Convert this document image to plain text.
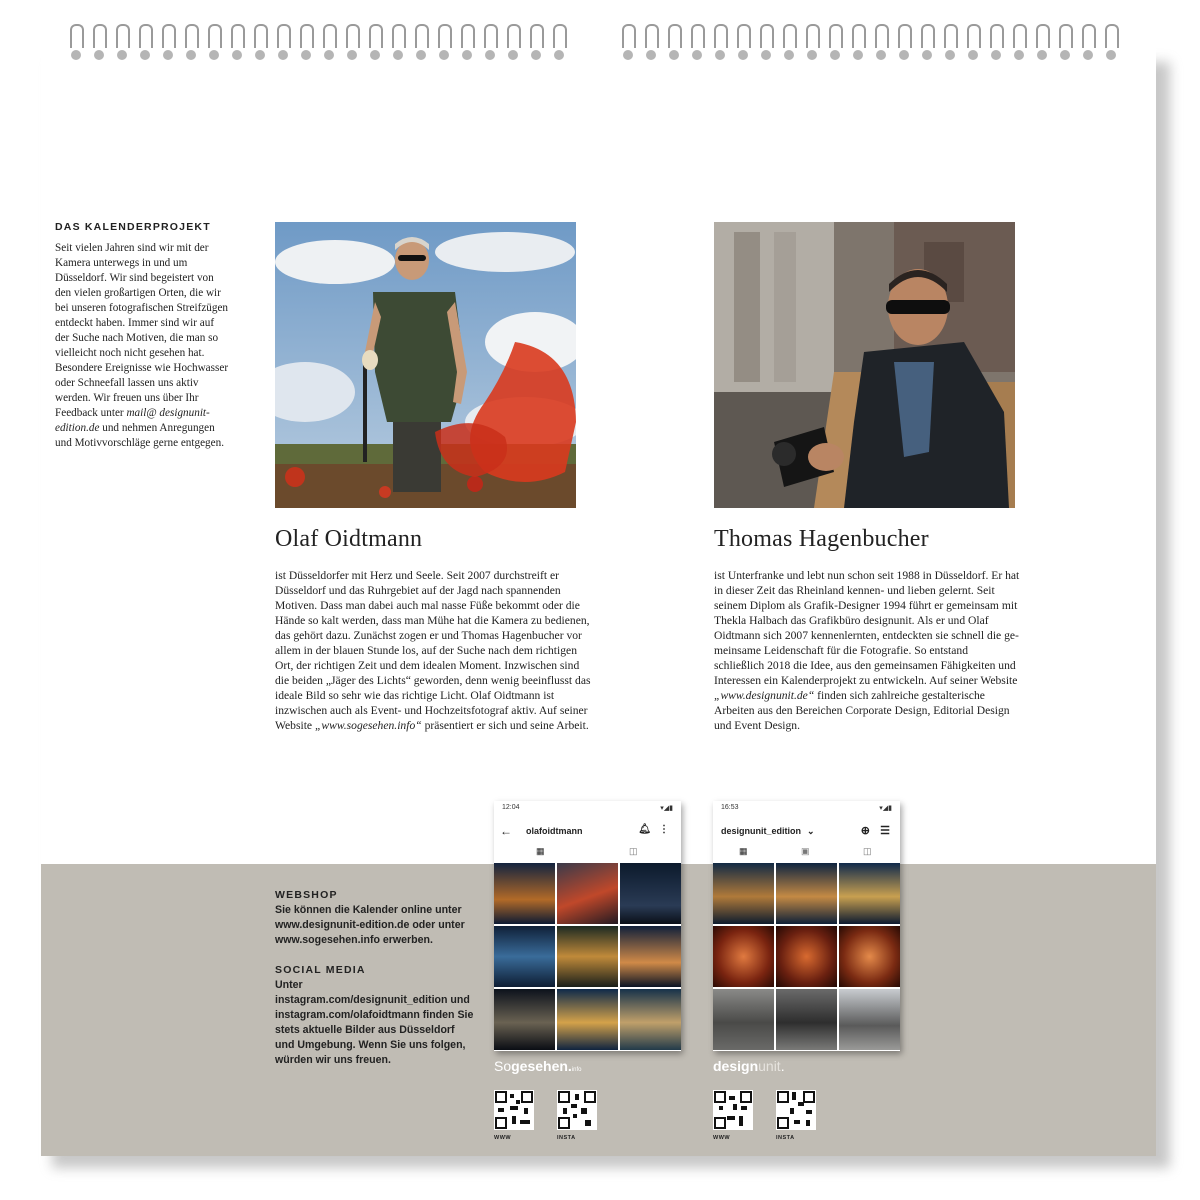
DAS KALENDERPROJEKT
Seit vielen Jahren sind wir mit der Kamera unterwegs in und um Düsseldorf. Wir sind begeistert von den vielen großartigen Orten, die wir bei unseren fotografischen Streifzügen entdeckt haben. Immer sind wir auf der Suche nach Motiven, die man so vielleicht noch nicht gesehen hat. Besondere Ereignisse wie Hochwasser oder Schneefall lassen uns aktiv werden. Wir freuen uns über Ihr Feedback unter mail@ designunit-edition.de und nehmen Anregungen und Motivvorschläge gerne entgegen.
Olaf Oidtmann	Thomas Hagenbucher
ist Düsseldorfer mit Herz und Seele. Seit 2007 durchstreift er Düsseldorf und das Ruhrgebiet auf der Jagd nach spannenden Motiven. Dass man dabei auch mal nasse Füße bekommt oder die Hände so kalt werden, dass man Mühe hat die Kamera zu bedienen, das gehört dazu. Zunächst zogen er und Thomas Hagenbucher vor allem in der blauen Stunde los, auf der Suche nach dem richtigen Ort, der richtigen Zeit und dem idealen Moment. Inzwischen sind die beiden „Jäger des Lichts“ geworden, denn wenig beeinflusst das ideale Bild so sehr wie das richtige Licht. Olaf Oidtmann ist inzwischen auch als Event- und Hochzeitsfotograf aktiv. Auf seiner Website „www.sogesehen.info“ präsentiert er sich und seine Arbeit.
ist Unterfranke und lebt nun schon seit 1988 in Düsseldorf. Er hat in dieser Zeit das Rheinland kennen- und lieben gelernt. Seit seinem Diplom als Grafik-Designer 1994 führt er gemeinsam mit Thekla Halbach das Grafikbüro designunit. Als er und Olaf Oidtmann sich 2007 kennenlernten, entdeckten sie schnell die gemeinsame Leidenschaft für die Fotografie. So entstand schließlich 2018 die Idee, aus den gemeinsamen Fähigkeiten und Interessen ein Kalenderprojekt zu entwickeln. Auf seiner Website „www.designunit.de“ finden sich zahlreiche gestalterische Arbeiten aus den Bereichen Corporate Design, Editorial Design und Event Design.
WEBSHOP
Sie können die Kalender online unter www.designunit-edition.de oder unter www.sogesehen.info erwerben.
SOCIAL MEDIA
Unter instagram.com/designunit_edition und instagram.com/olafoidtmann finden Sie stets aktuelle Bilder aus Düsseldorf und Umgebung. Wenn Sie uns folgen, würden wir uns freuen.
12:04	▾◢▮
← olafoidtmann	🔔︎ ⋮
▦	◫
16:53	▾◢▮
designunit_edition ⌄	⊕ ☰
▦	▣	◫
Sogesehen.info	designunit.
WWW	INSTA	WWW	INSTA
